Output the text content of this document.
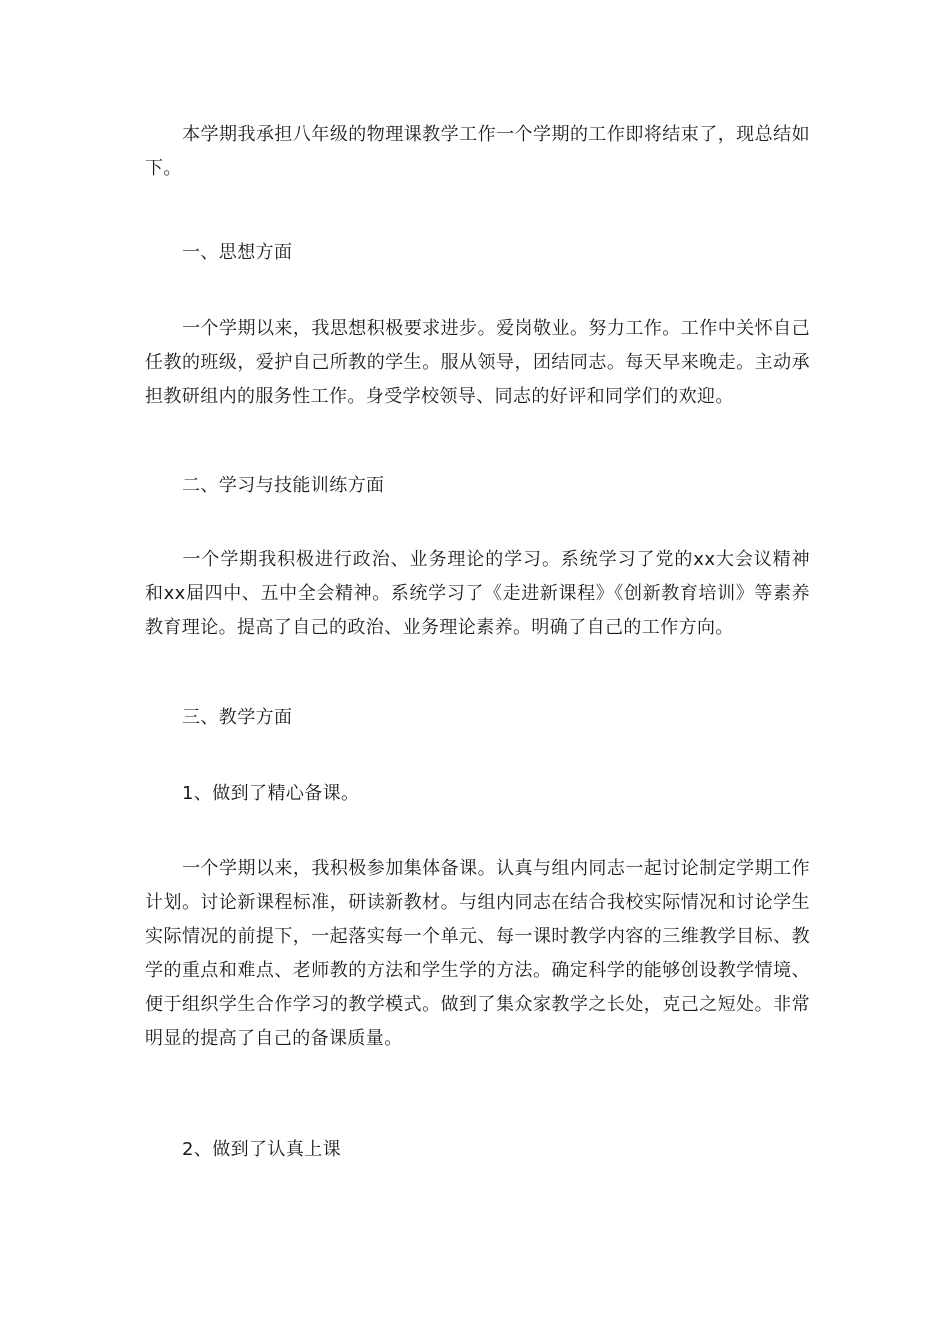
本学期我承担八年级的物理课教学工作一个学期的工作即将结束了，现总结如下。

一、思想方面

一个学期以来，我思想积极要求进步。爱岗敬业。努力工作。工作中关怀自己任教的班级，爱护自己所教的学生。服从领导，团结同志。每天早来晚走。主动承担教研组内的服务性工作。身受学校领导、同志的好评和同学们的欢迎。

二、学习与技能训练方面

一个学期我积极进行政治、业务理论的学习。系统学习了党的xx大会议精神和xx届四中、五中全会精神。系统学习了《走进新课程》《创新教育培训》等素养教育理论。提高了自己的政治、业务理论素养。明确了自己的工作方向。

三、教学方面

1、做到了精心备课。

一个学期以来，我积极参加集体备课。认真与组内同志一起讨论制定学期工作计划。讨论新课程标准，研读新教材。与组内同志在结合我校实际情况和讨论学生实际情况的前提下，一起落实每一个单元、每一课时教学内容的三维教学目标、教学的重点和难点、老师教的方法和学生学的方法。确定科学的能够创设教学情境、便于组织学生合作学习的教学模式。做到了集众家教学之长处，克己之短处。非常明显的提高了自己的备课质量。

2、做到了认真上课
